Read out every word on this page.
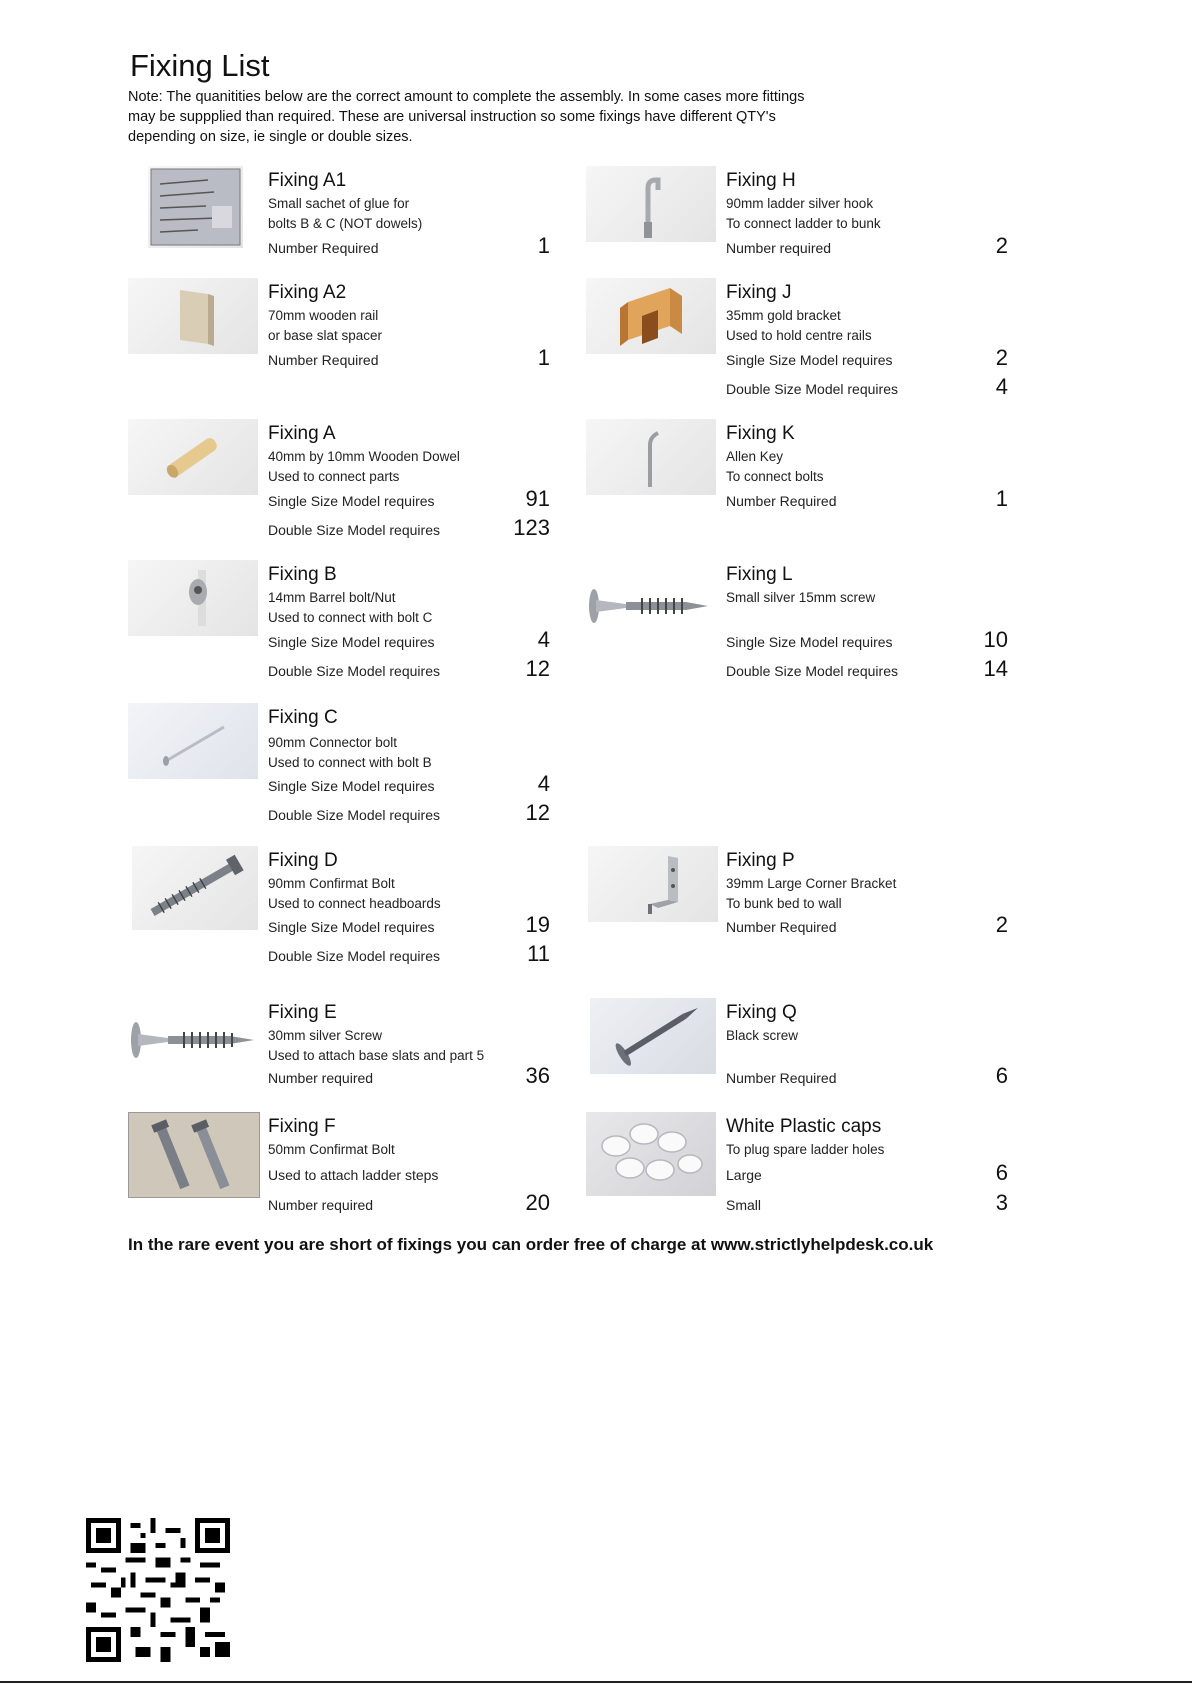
Fixing List
Note: The quanitities below are the correct amount to complete the assembly. In some cases more fittings may be suppplied than required. These are universal instruction so some fixings have different QTY's depending on size, ie single or double sizes.
Fixing A1
Small sachet of glue for
bolts B & C (NOT dowels)
Number Required	1
Fixing A2
70mm wooden rail
or base slat spacer
Number Required	1
Fixing A
40mm by 10mm Wooden Dowel
Used to connect parts
Single Size Model requires	91
Double Size Model requires	123
Fixing B
14mm Barrel bolt/Nut
Used to connect with bolt C
Single Size Model requires	4
Double Size Model requires	12
Fixing C
90mm Connector bolt
Used to connect with bolt B
Single Size Model requires	4
Double Size Model requires	12
Fixing D
90mm Confirmat Bolt
Used to connect headboards
Single Size Model requires	19
Double Size Model requires	11
Fixing E
30mm silver Screw
Used to attach base slats and part 5
Number required	36
Fixing F
50mm Confirmat Bolt
Used to attach ladder steps
Number required	20
Fixing H
90mm ladder silver hook
To connect ladder to bunk
Number required	2
Fixing J
35mm gold bracket
Used to hold centre rails
Single Size Model requires	2
Double Size Model requires	4
Fixing K
Allen Key
To connect bolts
Number Required	1
Fixing L
Small silver 15mm screw
Single Size Model requires	10
Double Size Model requires	14
Fixing P
39mm Large Corner Bracket
To bunk bed to wall
Number Required	2
Fixing Q
Black screw
Number Required	6
White Plastic caps
To plug spare ladder holes
Large	6
Small	3
In the rare event you are short of fixings you can order free of charge at www.strictlyhelpdesk.co.uk
